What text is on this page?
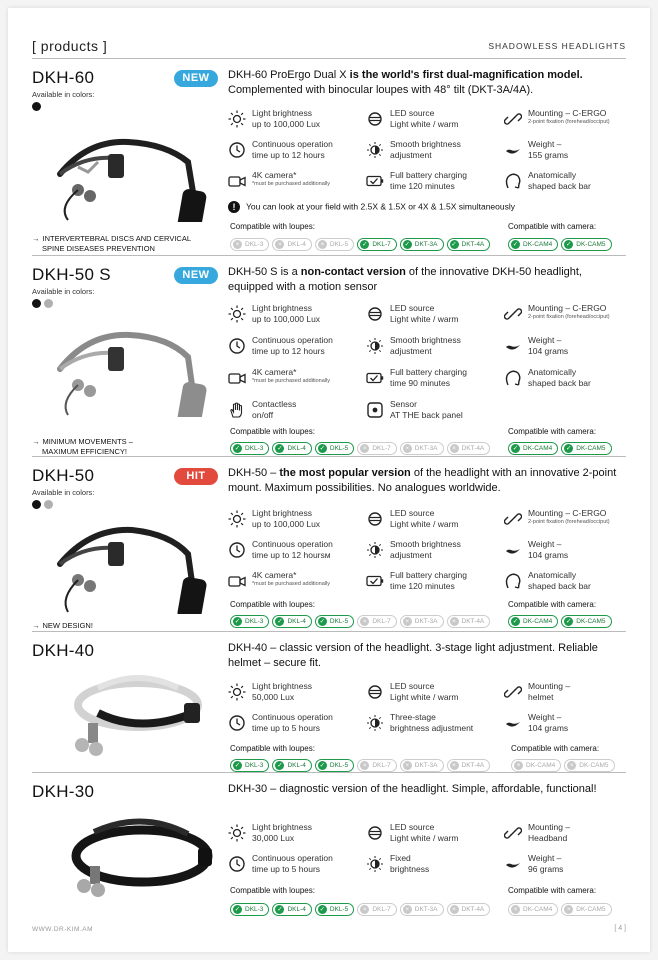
[ products ]	SHADOWLESS HEADLIGHTS
DKH-60	NEW
Available in colors:
→ INTERVERTEBRAL DISCS AND CERVICAL
SPINE DISEASES PREVENTION
DKH-60 ProErgo Dual X is the world's first dual-magnification model. Complemented with binocular loupes with 48° tilt (DKT-3A/4A).
Light brightness
up to 100,000 Lux
LED source
Light white / warm
Mounting – C-ERGO
2-point fixation (forehead/occiput)
Continuous operation
time up to 12 hours
Smooth brightness
adjustment
Weight –
155 grams
4K camera*
*must be purchased additionally
Full battery charging
time 120 minutes
Anatomically
shaped back bar
! You can look at your field with 2.5X & 1.5X or 4X & 1.5X simultaneously
Compatible with loupes:	Compatible with camera:
× DKL-3	× DKL-4	× DKL-5 ✓ DKL-7 ✓ DKT-3A ✓ DKT-4A	✓ DK-CAM4 ✓ DK-CAM5
DKH-50 S	NEW
Available in colors:
→ MINIMUM MOVEMENTS –
MAXIMUM EFFICIENCY!
DKH-50 S is a non-contact version of the innovative DKH-50 headlight, equipped with a motion sensor
Light brightness
up to 100,000 Lux
LED source
Light white / warm
Mounting – C-ERGO
2-point fixation (forehead/occiput)
Continuous operation
time up to 12 hours
Smooth brightness
adjustment
Weight –
104 grams
4K camera*
*must be purchased additionally
Full battery charging
time 90 minutes
Anatomically
shaped back bar
Contactless
on/off
Sensor
AT THE back panel
Compatible with loupes:	Compatible with camera:
✓ DKL-3 ✓ DKL-4 ✓ DKL-5	× DKL-7	× DKT-3A	× DKT-4A	✓ DK-CAM4 ✓ DK-CAM5
DKH-50	HIT
Available in colors:
→ NEW DESIGN!
DKH-50 – the most popular version of the headlight with an innovative 2-point mount. Maximum possibilities. No analogues worldwide.
Light brightness
up to 100,000 Lux
LED source
Light white / warm
Mounting – C-ERGO
2-point fixation (forehead/occiput)
Continuous operation
time up to 12 hoursм
Smooth brightness
adjustment
Weight –
104 grams
4K camera*
*must be purchased additionally
Full battery charging
time 120 minutes
Anatomically
shaped back bar
Compatible with loupes:	Compatible with camera:
✓ DKL-3 ✓ DKL-4 ✓ DKL-5	× DKL-7	× DKT-3A	× DKT-4A	✓ DK-CAM4 ✓ DK-CAM5
DKH-40	DKH-40 – classic version of the headlight. 3-stage light adjustment. Reliable helmet – secure fit.
Light brightness
50,000 Lux
LED source
Light white / warm
Mounting –
helmet
Continuous operation
time up to 5 hours
Three-stage
brightness adjustment
Weight –
104 grams
Compatible with loupes:	Compatible with camera:
✓ DKL-3 ✓ DKL-4 ✓ DKL-5	× DKL-7	× DKT-3A	× DKT-4A	× DK-CAM4	× DK-CAM5
DKH-30	DKH-30 – diagnostic version of the headlight. Simple, affordable, functional!
Light brightness
30,000 Lux
LED source
Light white / warm
Mounting –
Headband
Continuous operation
time up to 5 hours
Fixed
brightness
Weight –
96 grams
Compatible with loupes:	Compatible with camera:
✓ DKL-3 ✓ DKL-4 ✓ DKL-5	× DKL-7	× DKT-3A	× DKT-4A	× DK-CAM4	× DK-CAM5
WWW.DR-KIM.AM	[ 4 ]
